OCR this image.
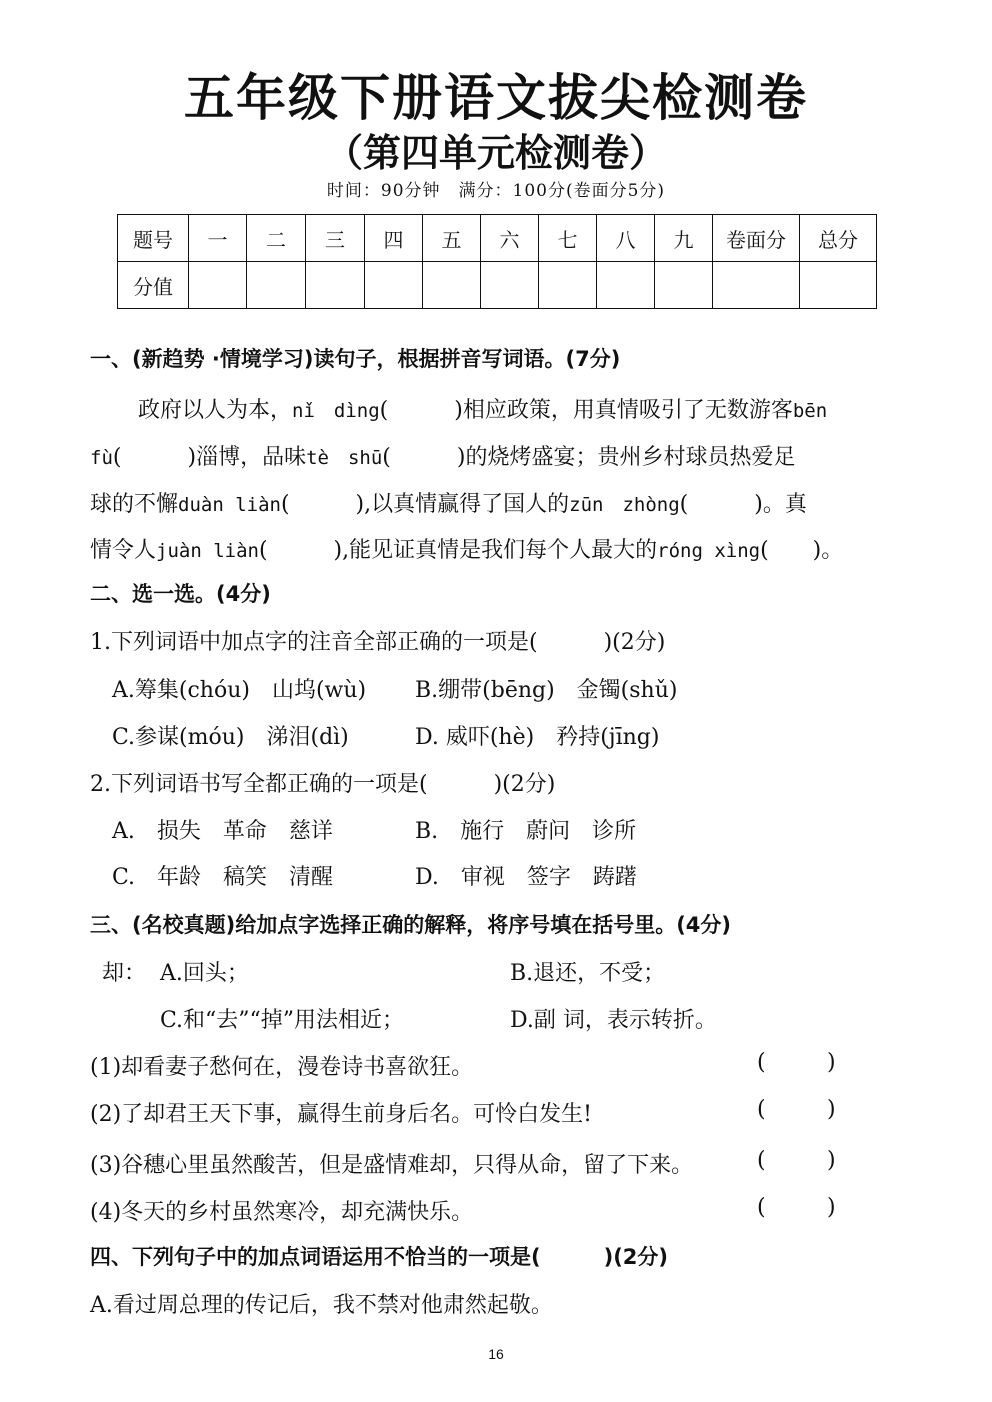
五年级下册语文拔尖检测卷
（第四单元检测卷）
时间：90分钟　满分：100分(卷面分5分)
题号	一	二	三	四	五	六	七	八	九	卷面分	总分
分值											
一、(新趋势 ·情境学习)读句子，根据拼音写词语。(7分)
政府以人为本，nǐ　dìng(　　　)相应政策，用真情吸引了无数游客bēn
fù(　　　)淄博，品味tè　shū(　　　)的烧烤盛宴；贵州乡村球员热爱足
球的不懈duàn liàn(　　　),以真情赢得了国人的zūn　zhòng(　　　)。真
情令人juàn liàn(　　　),能见证真情是我们每个人最大的róng xìng(　　)。
二、选一选。(4分)
1.下列词语中加点字的注音全部正确的一项是(　　　)(2分)
A.筹集(chóu)　山坞(wù) B.绷带(bēng)　金镯(shǔ)
C.参谋(móu)　涕泪(dì)	D. 威吓(hè)　矜持(jīng)
2.下列词语书写全都正确的一项是(　　　)(2分)
A.　损失　革命　慈详	B.　施行　蔚问　诊所
C.　年龄　稿笑　清醒	D.　审视　签字　踌躇
三、(名校真题)给加点字选择正确的解释，将序号填在括号里。(4分)
却： A.回头；	B.退还，不受；
C.和“去”“掉”用法相近；	D.副 词，表示转折。
(1)却看妻子愁何在，漫卷诗书喜欲狂。	(	)
(2)了却君王天下事，赢得生前身后名。可怜白发生!	(	)
(3)谷穗心里虽然酸苦，但是盛情难却，只得从命，留了下来。	(	)
(4)冬天的乡村虽然寒冷，却充满快乐。	(	)
四、下列句子中的加点词语运用不恰当的一项是(　　　)(2分)
A.看过周总理的传记后，我不禁对他肃然起敬。
16
